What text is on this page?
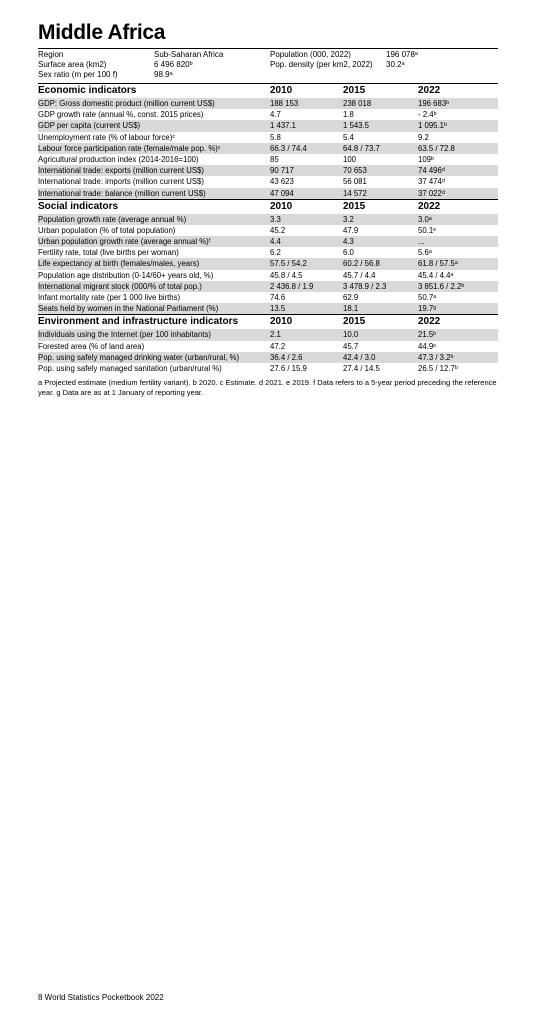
Middle Africa
Region	Sub-Saharan Africa	Population (000, 2022)	196 078ᵃ
Surface area (km2)	6 496 820ᵇ	Pop. density (per km2, 2022) 30.2ᵃ
Sex ratio (m per 100 f)	98.9ᵃ
Economic indicators	2010	2015	2022
GDP: Gross domestic product (million current US$)	188 153	238 018	196 683ᵇ
GDP growth rate (annual %, const. 2015 prices)	4.7	1.8	- 2.4ᵇ
GDP per capita (current US$)	1 437.1	1 543.5	1 095.1ᵇ
Unemployment rate (% of labour force)ᶜ	5.8	5.4	9.2
Labour force participation rate (female/male pop. %)ᶜ	66.3 / 74.4	64.8 / 73.7	63.5 / 72.8
Agricultural production index (2014-2016=100)	85	100	109ᵇ
International trade: exports (million current US$)	90 717	70 653	74 496ᵈ
International trade: imports (million current US$)	43 623	56 081	37 474ᵈ
International trade: balance (million current US$)	47 094	14 572	37 022ᵈ
Social indicators	2010	2015	2022
Population growth rate (average annual %)	3.3	3.2	3.0ᵃ
Urban population (% of total population)	45.2	47.9	50.1ᵉ
Urban population growth rate (average annual %)ᶠ	4.4	4.3	...
Fertility rate, total (live births per woman)	6.2	6.0	5.6ᵃ
Life expectancy at birth (females/males, years)	57.5 / 54.2	60.2 / 56.8	61.8 / 57.5ᵃ
Population age distribution (0-14/60+ years old, %)	45.8 / 4.5	45.7 / 4.4	45.4 / 4.4ᵃ
International migrant stock (000/% of total pop.)	2 436.8 / 1.9	3 478.9 / 2.3	3 851.6 / 2.2ᵇ
Infant mortality rate (per 1 000 live births)	74.6	62.9	50.7ᵃ
Seats held by women in the National Parliament (%)	13.5	18.1	19.7ᵍ
Environment and infrastructure indicators	2010	2015	2022
Individuals using the Internet (per 100 inhabitants)	2.1	10.0	21.5ᵇ
Forested area (% of land area)	47.2	45.7	44.9ᵉ
Pop. using safely managed drinking water (urban/rural, %)	36.4 / 2.6	42.4 / 3.0	47.3 / 3.2ᵇ
Pop. using safely managed sanitation (urban/rural %)	27.6 / 15.9	27.4 / 14.5	26.5 / 12.7ᵇ
a Projected estimate (medium fertility variant). b 2020. c Estimate. d 2021. e 2019. f Data refers to a 5-year period preceding the reference year. g Data are as at 1 January of reporting year.
8 World Statistics Pocketbook 2022
